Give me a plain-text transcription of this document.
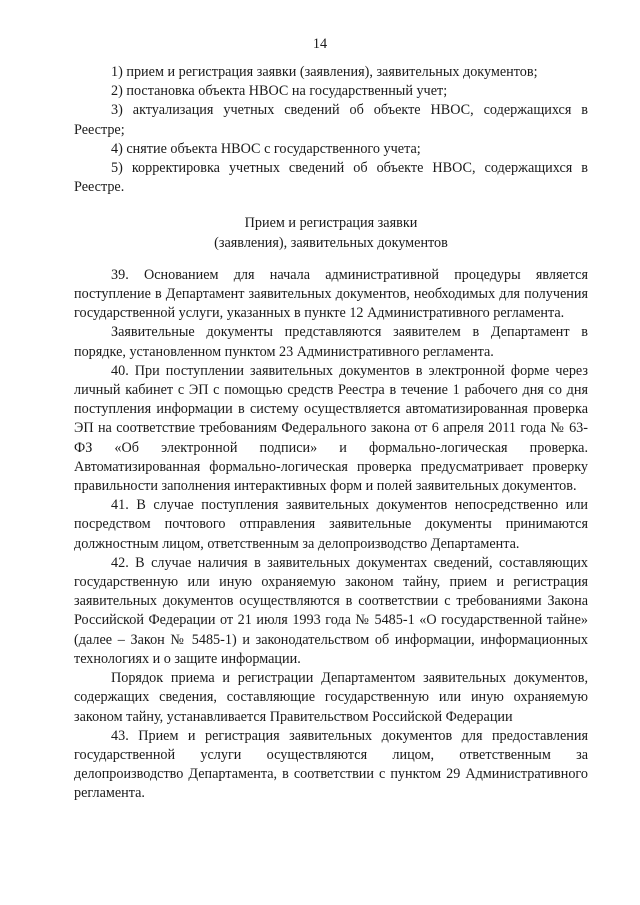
14

1) прием и регистрация заявки (заявления), заявительных документов;

2) постановка объекта НВОС на государственный учет;

3) актуализация учетных сведений об объекте НВОС, содержащихся в Реестре;

4) снятие объекта НВОС с государственного учета;

5) корректировка учетных сведений об объекте НВОС, содержащихся в Реестре.

Прием и регистрация заявки
(заявления), заявительных документов

39. Основанием для начала административной процедуры является поступление в Департамент заявительных документов, необходимых для получения государственной услуги, указанных в пункте 12 Административного регламента.

Заявительные документы представляются заявителем в Департамент в порядке, установленном пунктом 23 Административного регламента.

40. При поступлении заявительных документов в электронной форме через личный кабинет с ЭП с помощью средств Реестра в течение 1 рабочего дня со дня поступления информации в систему осуществляется автоматизированная проверка ЭП на соответствие требованиям Федерального закона от 6 апреля 2011 года № 63-ФЗ «Об электронной подписи» и формально-логическая проверка. Автоматизированная формально-логическая проверка предусматривает проверку правильности заполнения интерактивных форм и полей заявительных документов.

41. В случае поступления заявительных документов непосредственно или посредством почтового отправления заявительные документы принимаются должностным лицом, ответственным за делопроизводство Департамента.

42. В случае наличия в заявительных документах сведений, составляющих государственную или иную охраняемую законом тайну, прием и регистрация заявительных документов осуществляются в соответствии с требованиями Закона Российской Федерации от 21 июля 1993 года № 5485-1 «О государственной тайне» (далее – Закон № 5485-1) и законодательством об информации, информационных технологиях и о защите информации.

Порядок приема и регистрации Департаментом заявительных документов, содержащих сведения, составляющие государственную или иную охраняемую законом тайну, устанавливается Правительством Российской Федерации

43. Прием и регистрация заявительных документов для предоставления государственной услуги осуществляются лицом, ответственным за делопроизводство Департамента, в соответствии с пунктом 29 Административного регламента.
